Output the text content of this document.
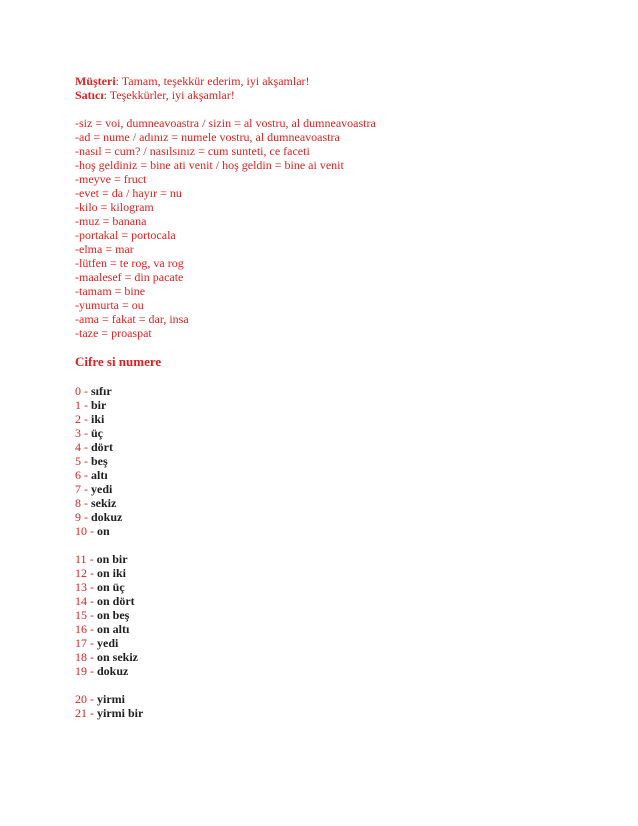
Müşteri: Tamam, teşekkür ederim, iyi akşamlar!
Satıcı: Teşekkürler, iyi akşamlar!
-siz = voi, dumneavoastra / sizin = al vostru, al dumneavoastra
-ad = nume / adınız = numele vostru, al dumneavoastra
-nasıl = cum? / nasılsınız = cum sunteti, ce faceti
-hoş geldiniz = bine ati venit / hoş geldin = bine ai venit
-meyve = fruct
-evet = da / hayır = nu
-kilo = kilogram
-muz = banana
-portakal = portocala
-elma = mar
-lütfen = te rog, va rog
-maalesef = din pacate
-tamam = bine
-yumurta = ou
-ama = fakat = dar, insa
-taze = proaspat
Cifre si numere
0 - sıfır
1 - bir
2 - iki
3 - üç
4 - dört
5 - beş
6 - altı
7 - yedi
8 - sekiz
9 - dokuz
10 - on
11 - on bir
12 - on iki
13 - on üç
14 - on dört
15 - on beş
16 - on altı
17 - yedi
18 - on sekiz
19 - dokuz
20 - yirmi
21 - yirmi bir
